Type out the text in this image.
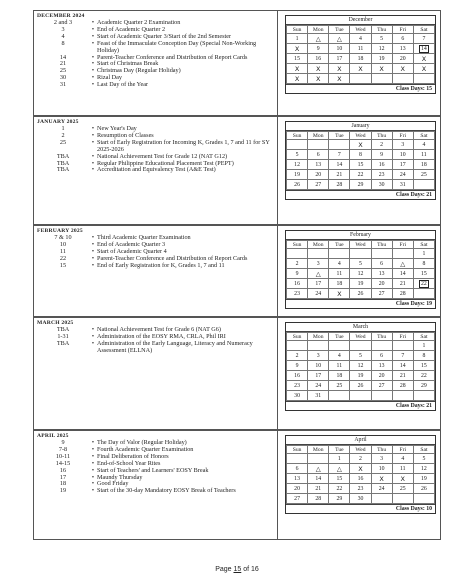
DECEMBER 2024
2 and 3	• Academic Quarter 2 Examination
3	• End of Academic Quarter 2
4	• Start of Academic Quarter 3/Start of the 2nd Semester
8	• Feast of the Immaculate Conception Day (Special Non-Working Holiday)
14	• Parent-Teacher Conference and Distribution of Report Cards
21	• Start of Christmas Break
25	• Christmas Day (Regular Holiday)
30	• Rizal Day
31	• Last Day of the Year
December
Sun	Mon	Tue	Wed	Thu	Fri	Sat
1	△	△	4	5	6	7
X	9	10	11	12	13	14
15	16	17	18	19	20	X
X	X	X	X	X	X	X
X	X	X				
Class Days: 15
JANUARY 2025
1	• New Year's Day
2	• Resumption of Classes
25	• Start of Early Registration for Incoming K, Grades 1, 7 and 11 for SY 2025-2026
TBA	• National Achievement Test for Grade 12 (NAT G12)
TBA	• Regular Philippine Educational Placement Test (PEPT)
TBA	• Accreditation and Equivalency Test (A&E Test)
January
Sun	Mon	Tue	Wed	Thu	Fri	Sat
			X	2	3	4
5	6	7	8	9	10	11
12	13	14	15	16	17	18
19	20	21	22	23	24	25
26	27	28	29	30	31	
Class Days: 21
FEBRUARY 2025
7 & 10	• Third Academic Quarter Examination
10	• End of Academic Quarter 3
11	• Start of Academic Quarter 4
22	• Parent-Teacher Conference and Distribution of Report Cards
15	• End of Early Registration for K, Grades 1, 7 and 11
February
Sun	Mon	Tue	Wed	Thu	Fri	Sat
						1
2	3	4	5	6	△	8
9	△	11	12	13	14	15
16	17	18	19	20	21	22
23	24	X	26	27	28	
Class Days: 19
MARCH 2025
TBA	• National Achievement Test for Grade 6 (NAT G6)
1-31	• Administration of the EOSY RMA, CRLA, Phil IRI
TBA	• Administration of the Early Language, Literacy and Numeracy Assessment (ELLNA)
March
Sun	Mon	Tue	Wed	Thu	Fri	Sat
						1
2	3	4	5	6	7	8
9	10	11	12	13	14	15
16	17	18	19	20	21	22
23	24	25	26	27	28	29
30	31					
Class Days: 21
APRIL 2025
9	• The Day of Valor (Regular Holiday)
7-8	• Fourth Academic Quarter Examination
10-11	• Final Deliberation of Honors
14-15	• End-of-School Year Rites
16	• Start of Teachers' and Learners' EOSY Break
17	• Maundy Thursday
18	• Good Friday
19	• Start of the 30-day Mandatory EOSY Break of Teachers
April
Sun	Mon	Tue	Wed	Thu	Fri	Sat
		1	2	3	4	5
6	△	△	X	10	11	12
13	14	15	16	X	X	19
20	21	22	23	24	25	26
27	28	29	30			
Class Days: 10
Page 15 of 16
